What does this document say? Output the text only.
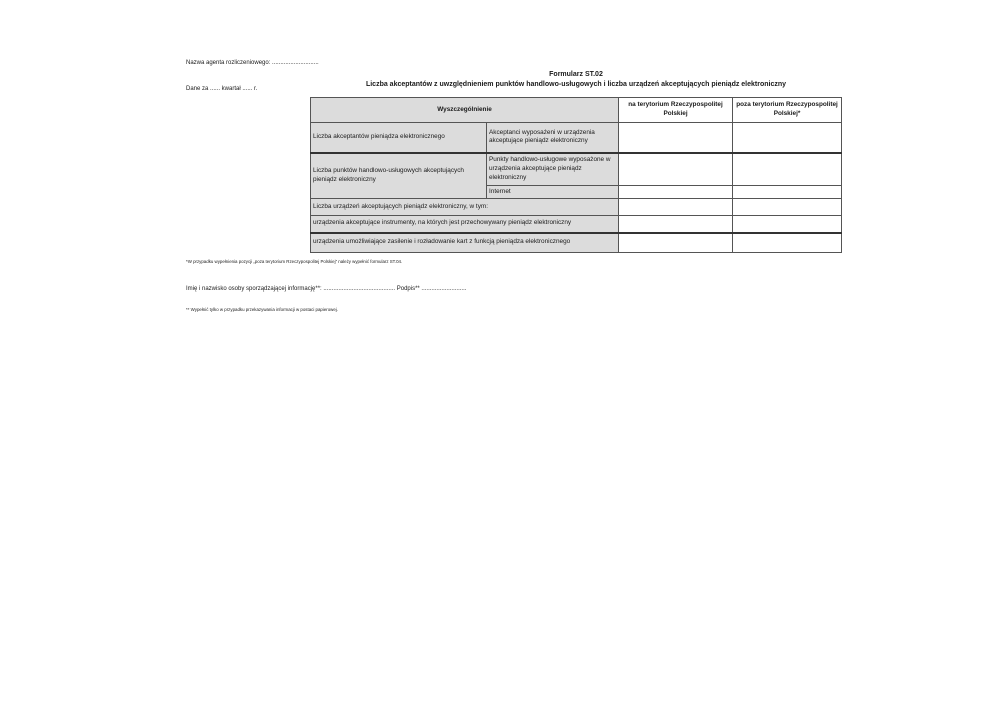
Nazwa agenta rozliczeniowego: ............................
Formularz ST.02
Liczba akceptantów z uwzględnieniem punktów handlowo-usługowych i liczba urządzeń akceptujących pieniądz elektroniczny
Dane za ...... kwartał ...... r.
Wyszczególnienie		na terytorium Rzeczypospolitej Polskiej	poza terytorium Rzeczypospolitej Polskiej*
Liczba akceptantów pieniądza elektronicznego	Akceptanci wyposażeni w urządzenia akceptujące pieniądz elektroniczny		
Liczba punktów handlowo-usługowych akceptujących pieniądz elektroniczny	Punkty handlowo-usługowe wyposażone w urządzenia akceptujące pieniądz elektroniczny		
	Internet		
Liczba urządzeń akceptujących pieniądz elektroniczny, w tym:			
urządzenia akceptujące instrumenty, na których jest przechowywany pieniądz elektroniczny			
urządzenia umożliwiające zasilenie i rozładowanie kart z funkcją pieniądza elektronicznego			
*W przypadku wypełnienia pozycji „poza terytorium Rzeczypospolitej Polskiej” należy wypełnić formularz ST.04.
Imię i nazwisko osoby sporządzającej informację**: ........................................... Podpis** ...........................
** Wypełnić tylko w przypadku przekazywania informacji w postaci papierowej.
